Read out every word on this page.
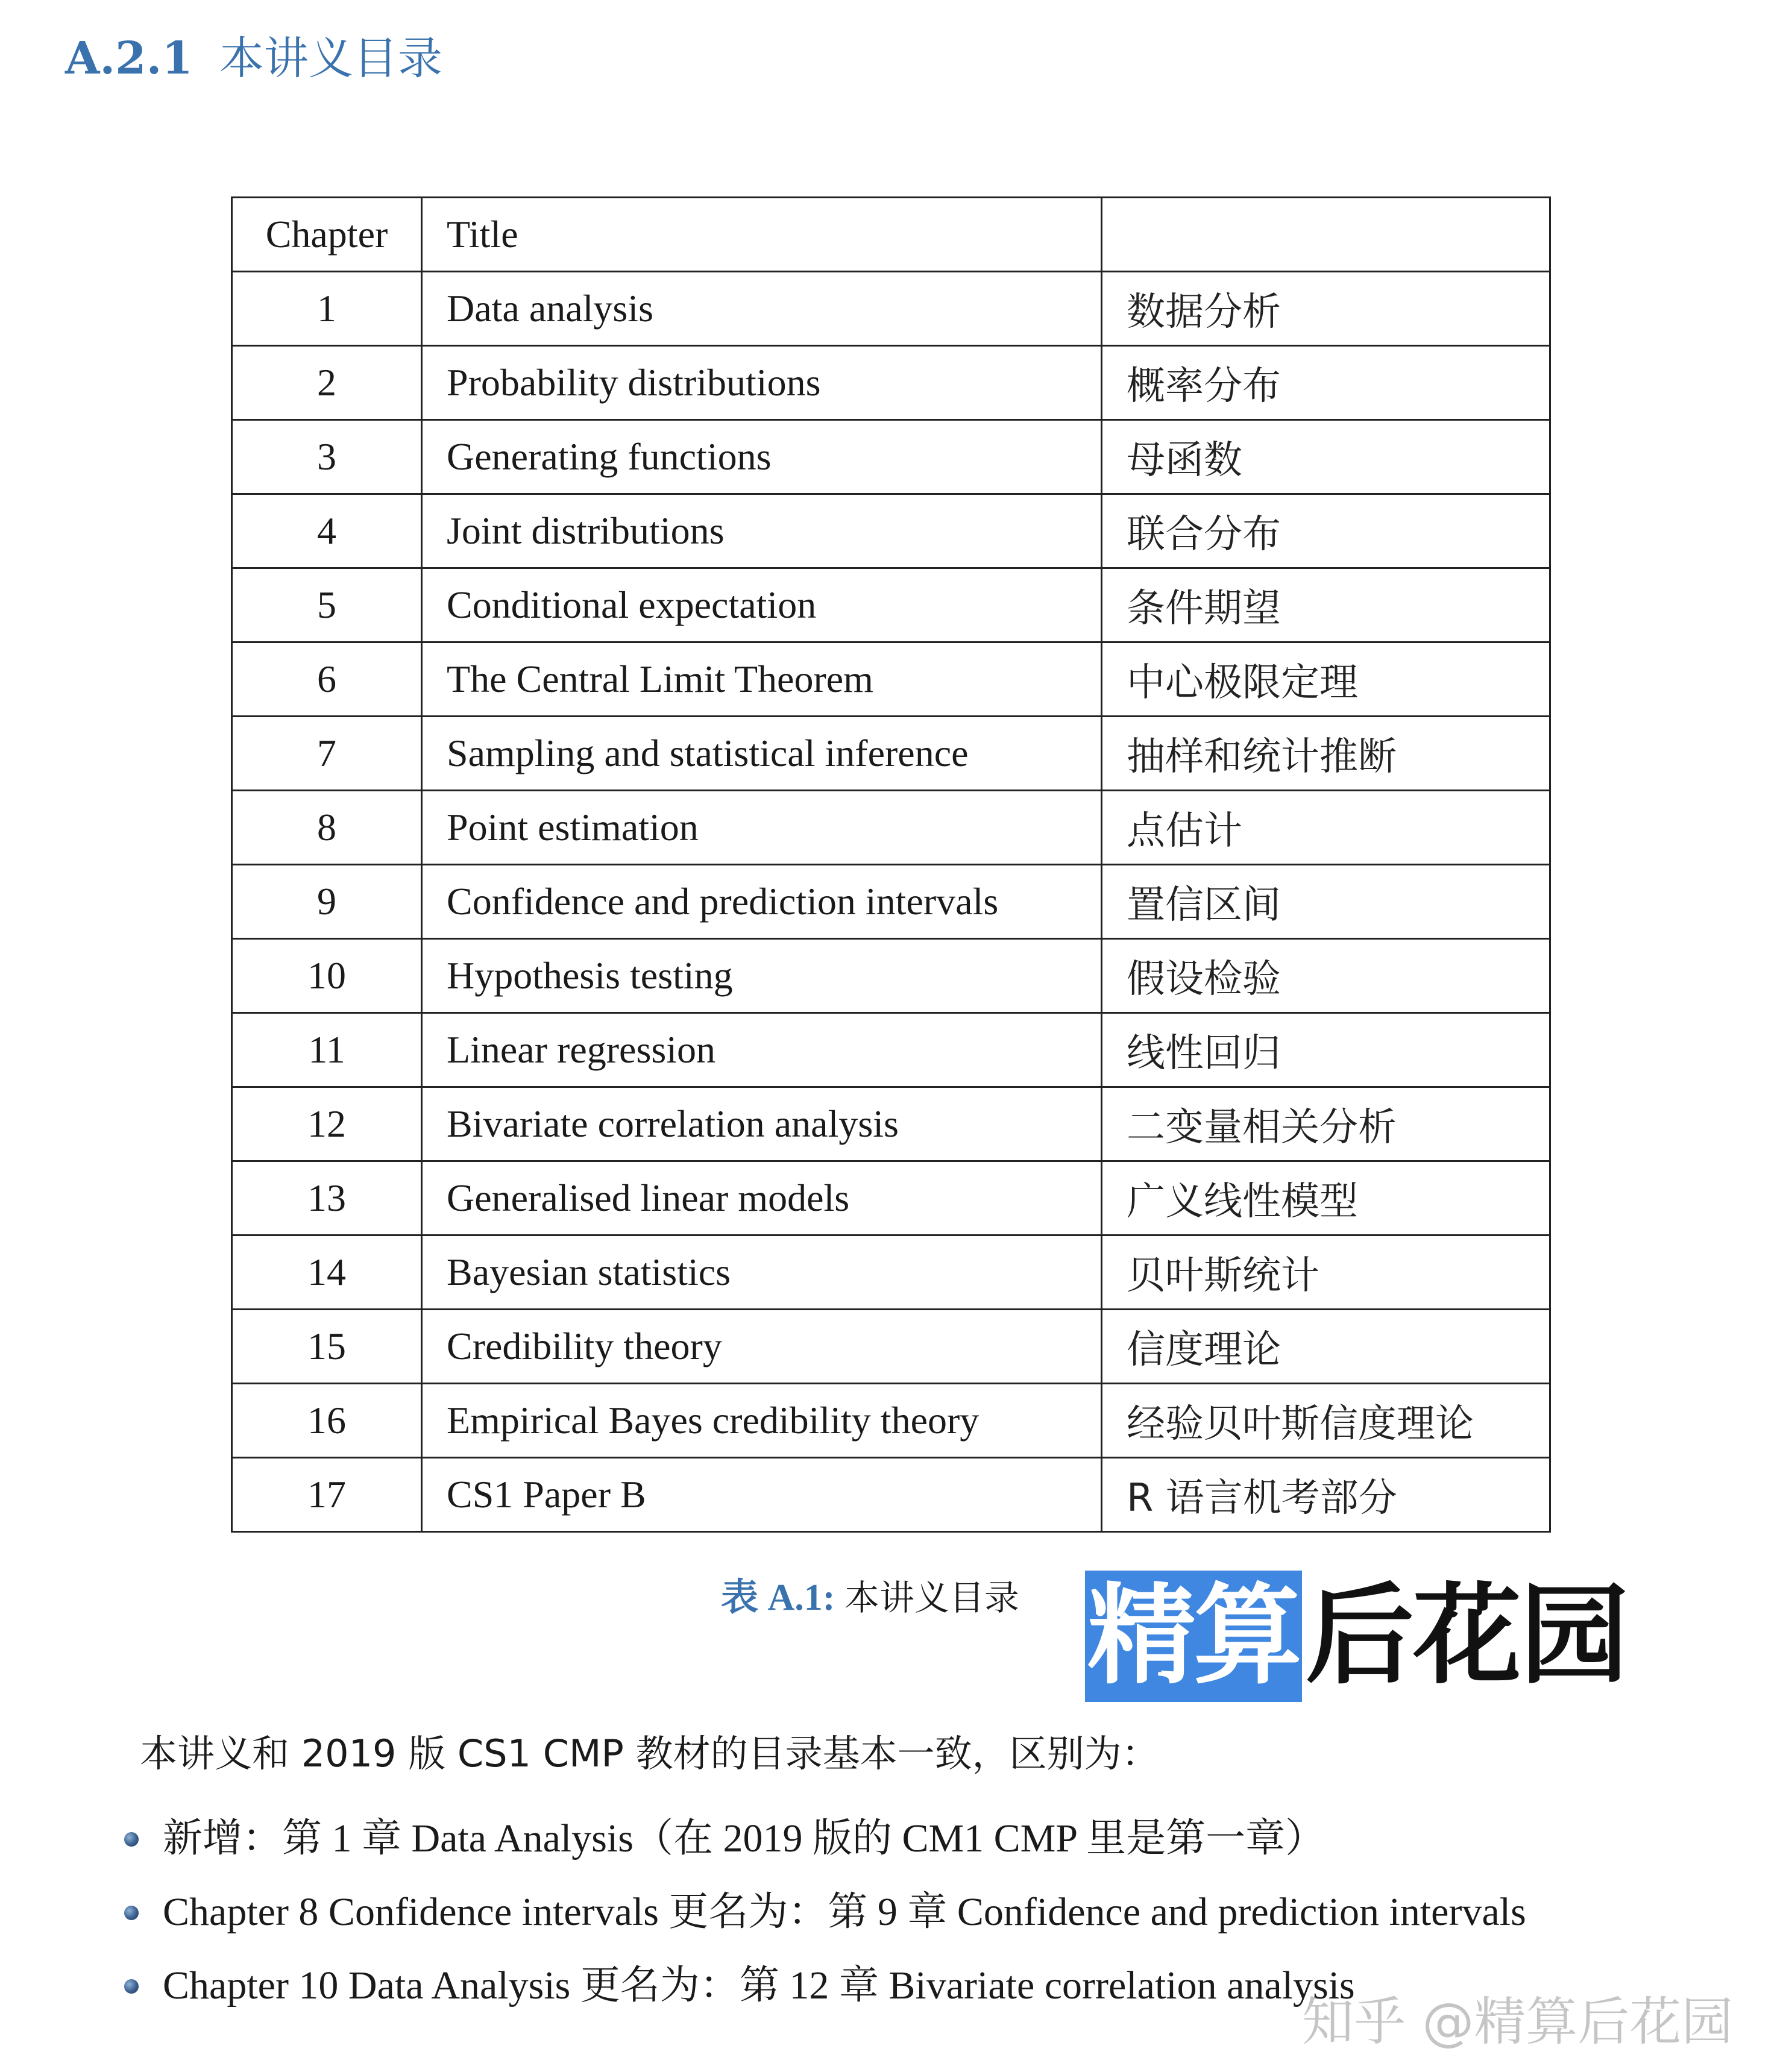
A.2.1 本讲义目录
Chapter	Title	
1	Data analysis	数据分析
2	Probability distributions	概率分布
3	Generating functions	母函数
4	Joint distributions	联合分布
5	Conditional expectation	条件期望
6	The Central Limit Theorem	中心极限定理
7	Sampling and statistical inference	抽样和统计推断
8	Point estimation	点估计
9	Confidence and prediction intervals	置信区间
10	Hypothesis testing	假设检验
11	Linear regression	线性回归
12	Bivariate correlation analysis	二变量相关分析
13	Generalised linear models	广义线性模型
14	Bayesian statistics	贝叶斯统计
15	Credibility theory	信度理论
16	Empirical Bayes credibility theory	经验贝叶斯信度理论
17	CS1 Paper B	R 语言机考部分
表 A.1: 本讲义目录 精算 后花园
本讲义和 2019 版 CS1 CMP 教材的目录基本一致，区别为：
新增：第 1 章 Data Analysis（在 2019 版的 CM1 CMP 里是第一章）
Chapter 8 Confidence intervals 更名为：第 9 章 Confidence and prediction intervals
Chapter 10 Data Analysis 更名为：第 12 章 Bivariate correlation analysis
知乎 @精算后花园
